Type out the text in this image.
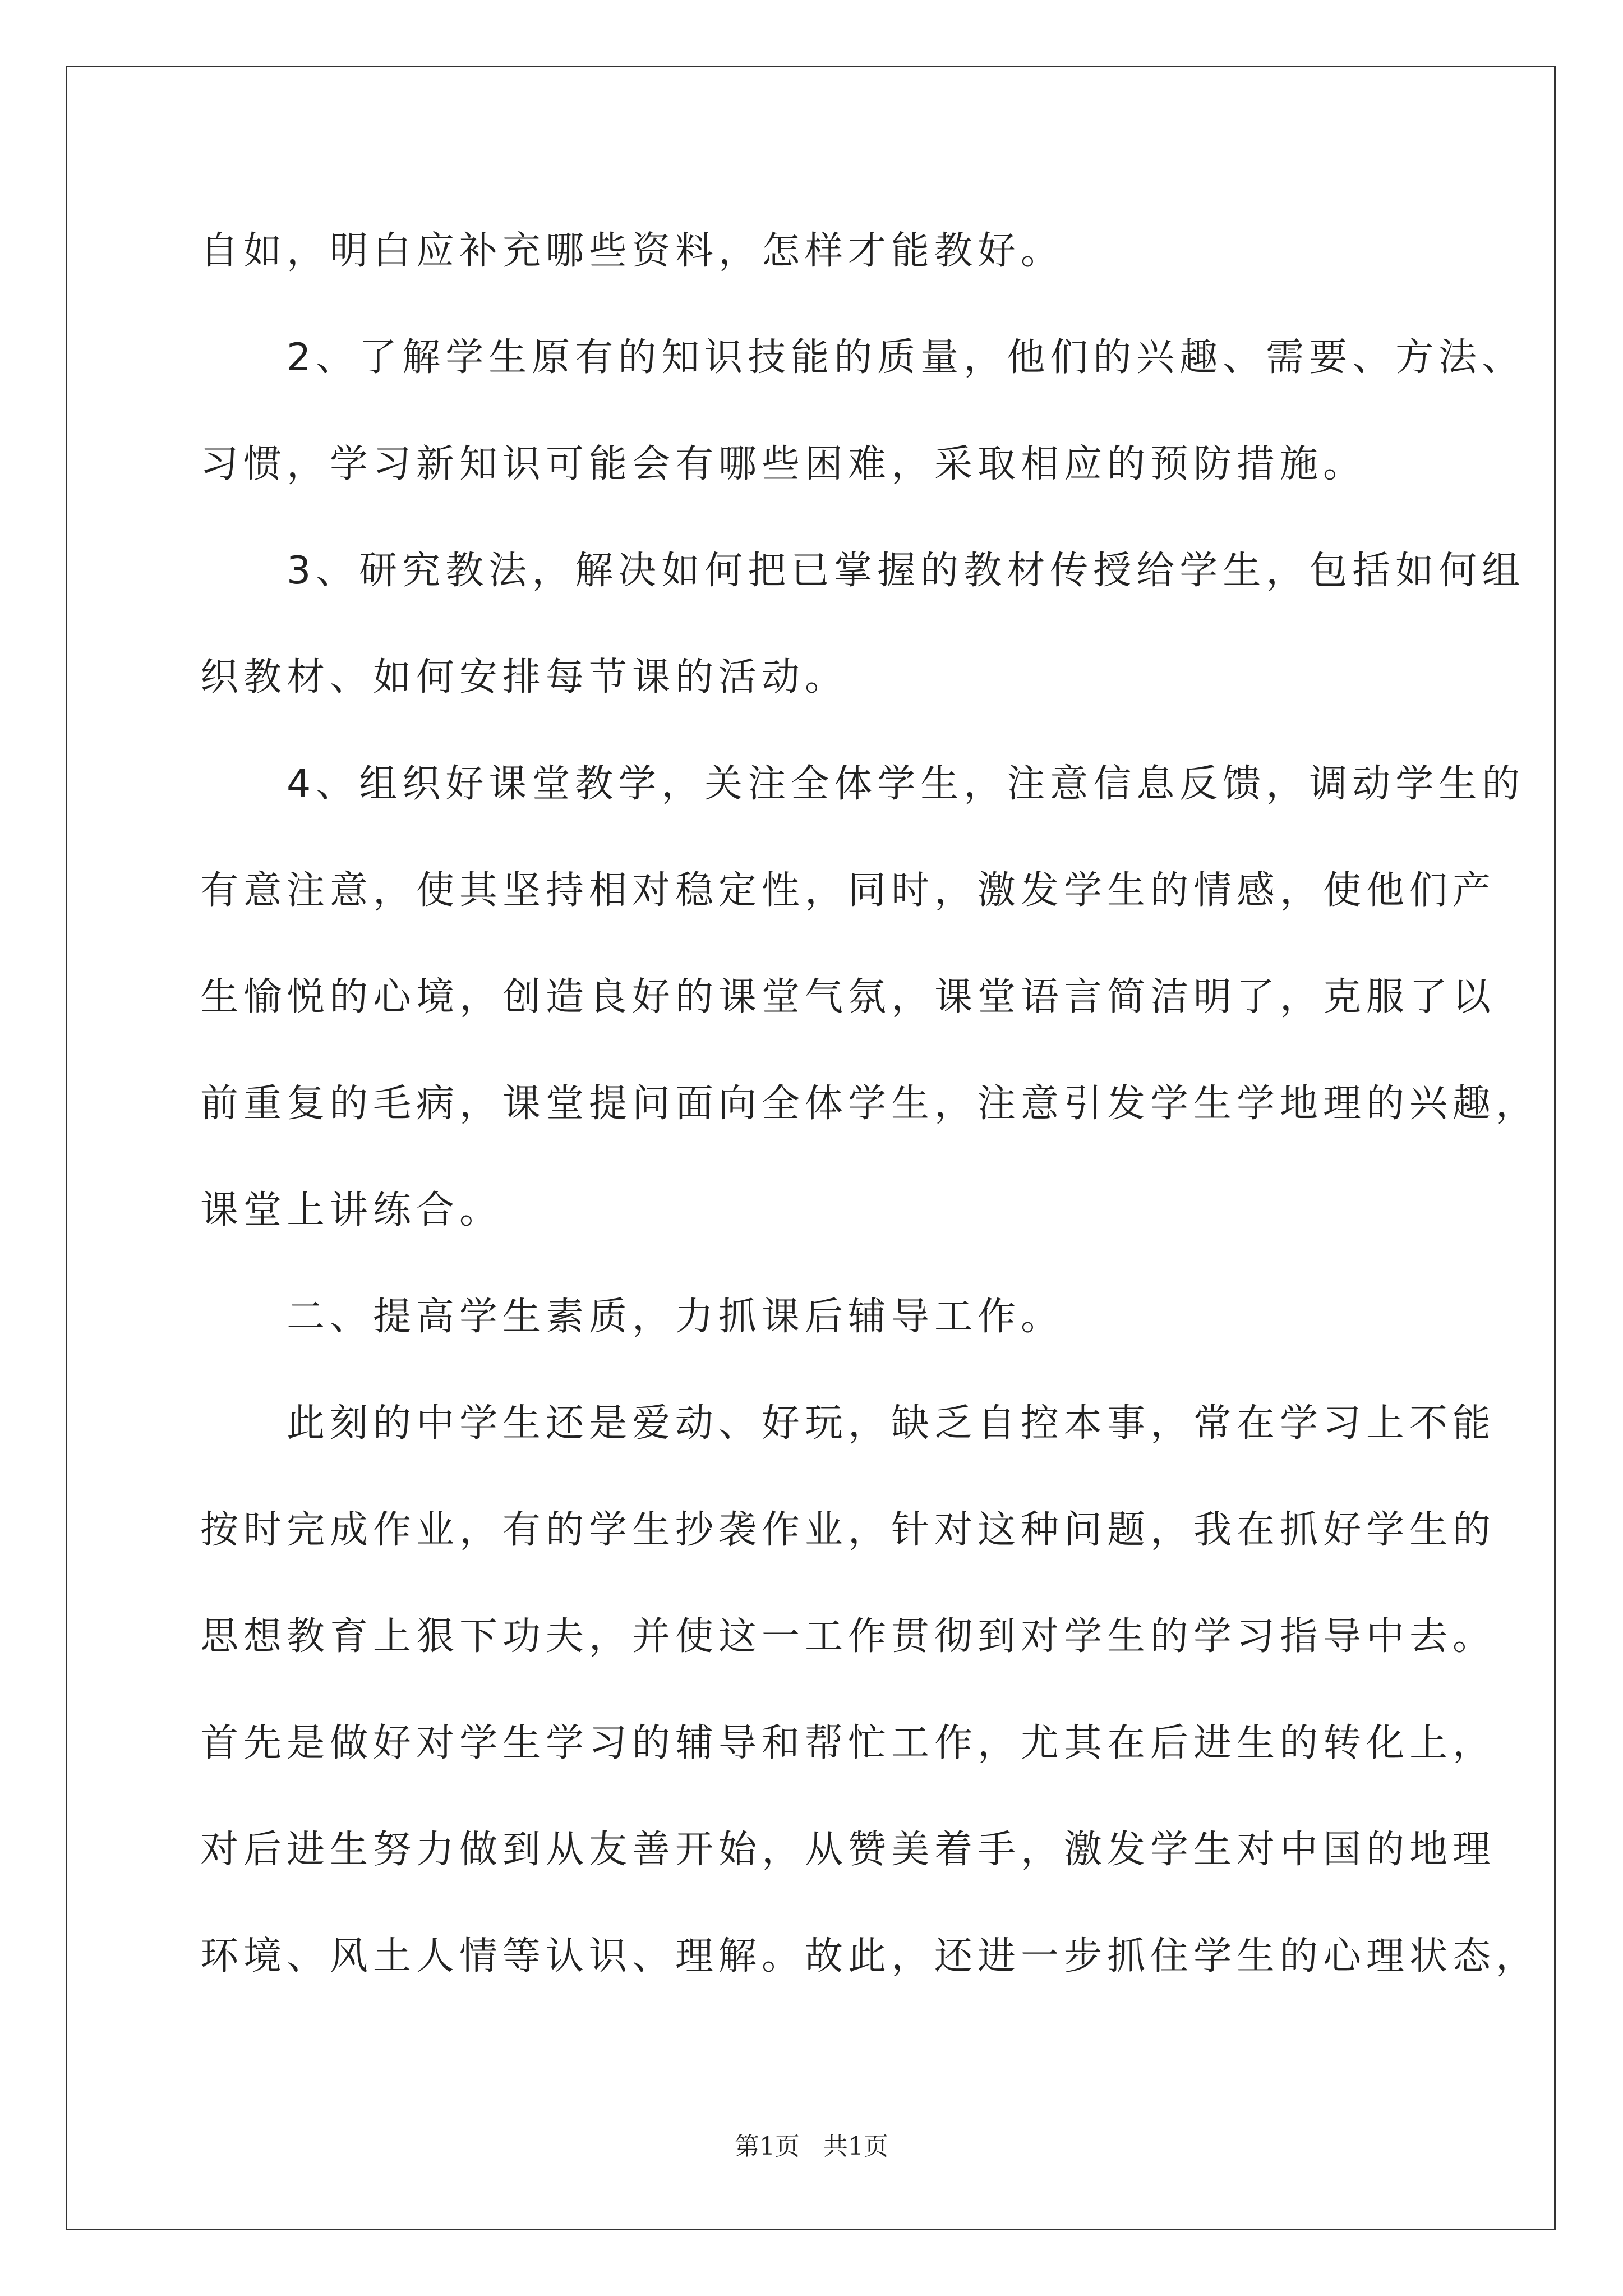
自如，明白应补充哪些资料，怎样才能教好。

　　2、了解学生原有的知识技能的质量，他们的兴趣、需要、方法、

习惯，学习新知识可能会有哪些困难，采取相应的预防措施。

　　3、研究教法，解决如何把已掌握的教材传授给学生，包括如何组

织教材、如何安排每节课的活动。

　　4、组织好课堂教学，关注全体学生，注意信息反馈，调动学生的

有意注意，使其坚持相对稳定性，同时，激发学生的情感，使他们产

生愉悦的心境，创造良好的课堂气氛，课堂语言简洁明了，克服了以

前重复的毛病，课堂提问面向全体学生，注意引发学生学地理的兴趣，

课堂上讲练合。

　　二、提高学生素质，力抓课后辅导工作。

　　此刻的中学生还是爱动、好玩，缺乏自控本事，常在学习上不能

按时完成作业，有的学生抄袭作业，针对这种问题，我在抓好学生的

思想教育上狠下功夫，并使这一工作贯彻到对学生的学习指导中去。

首先是做好对学生学习的辅导和帮忙工作，尤其在后进生的转化上，

对后进生努力做到从友善开始，从赞美着手，激发学生对中国的地理

环境、风土人情等认识、理解。故此，还进一步抓住学生的心理状态，

第1页 共1页
